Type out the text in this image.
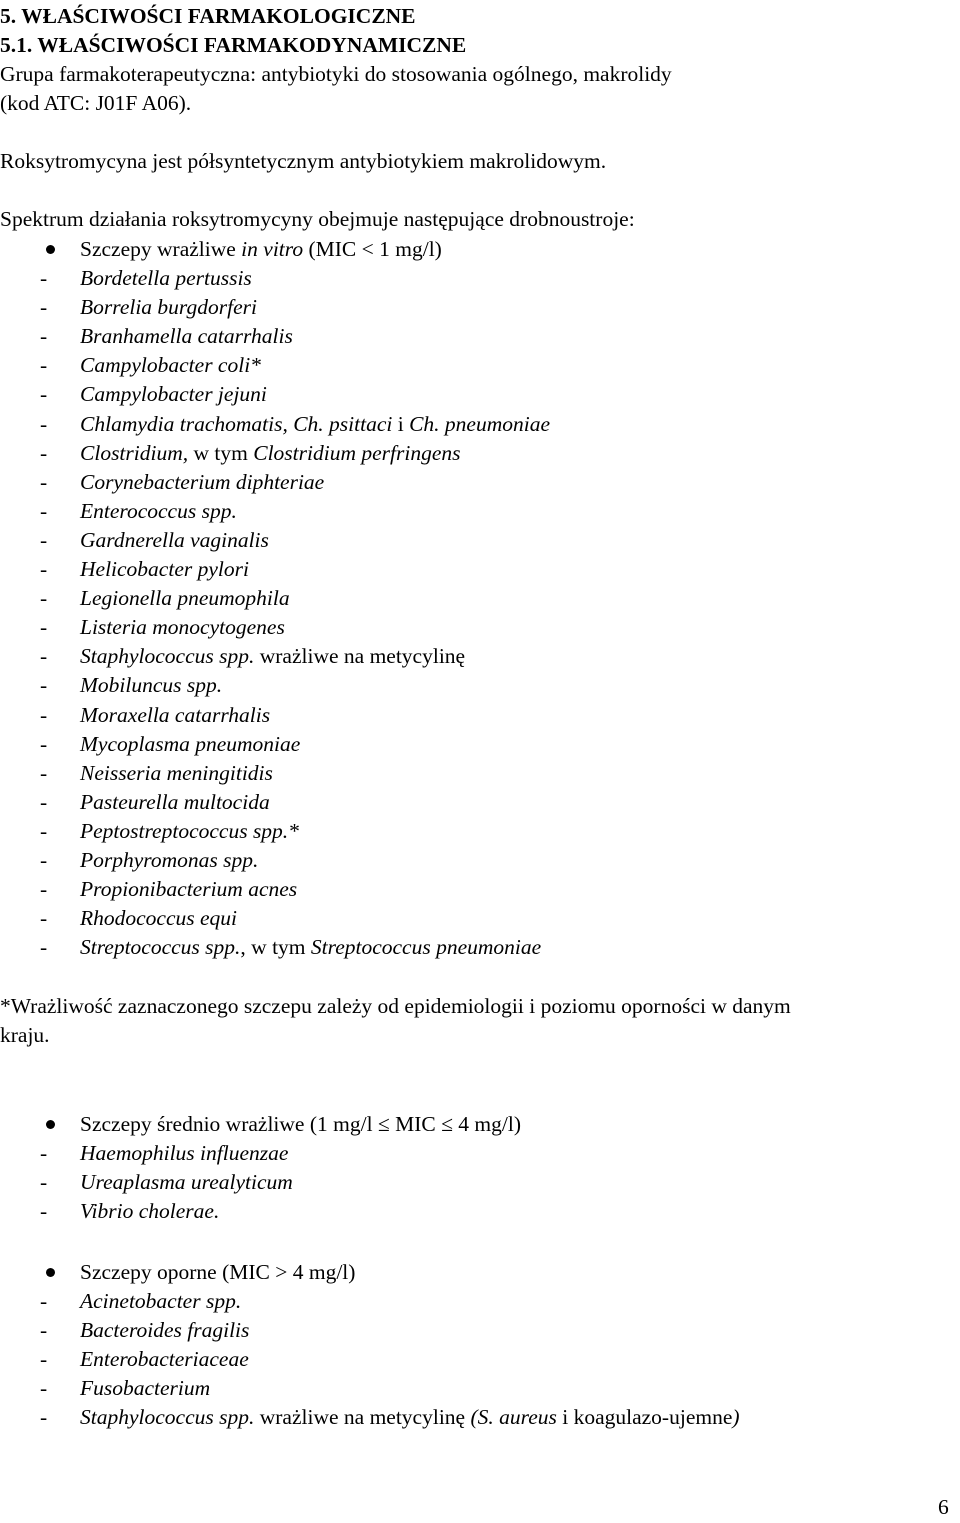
5. WŁAŚCIWOŚCI FARMAKOLOGICZNE
5.1. WŁAŚCIWOŚCI FARMAKODYNAMICZNE
Grupa farmakoterapeutyczna: antybiotyki do stosowania ogólnego, makrolidy
(kod ATC: J01F A06).
Roksytromycyna jest półsyntetycznym antybiotykiem makrolidowym.
Spektrum działania roksytromycyny obejmuje następujące drobnoustroje:
Szczepy wrażliwe in vitro (MIC < 1 mg/l)
- Bordetella pertussis
- Borrelia burgdorferi
- Branhamella catarrhalis
- Campylobacter coli*
- Campylobacter jejuni
- Chlamydia trachomatis, Ch. psittaci i Ch. pneumoniae
- Clostridium, w tym Clostridium perfringens
- Corynebacterium diphteriae
- Enterococcus spp.
- Gardnerella vaginalis
- Helicobacter pylori
- Legionella pneumophila
- Listeria monocytogenes
- Staphylococcus spp. wrażliwe na metycylinę
- Mobiluncus spp.
- Moraxella catarrhalis
- Mycoplasma pneumoniae
- Neisseria meningitidis
- Pasteurella multocida
- Peptostreptococcus spp.*
- Porphyromonas spp.
- Propionibacterium acnes
- Rhodococcus equi
- Streptococcus spp., w tym Streptococcus pneumoniae
*Wrażliwość zaznaczonego szczepu zależy od epidemiologii i poziomu oporności w danym
kraju.
Szczepy średnio wrażliwe (1 mg/l ≤ MIC ≤ 4 mg/l)
- Haemophilus influenzae
- Ureaplasma urealyticum
- Vibrio cholerae.
Szczepy oporne (MIC > 4 mg/l)
- Acinetobacter spp.
- Bacteroides fragilis
- Enterobacteriaceae
- Fusobacterium
- Staphylococcus spp. wrażliwe na metycylinę (S. aureus i koagulazo-ujemne)
6
